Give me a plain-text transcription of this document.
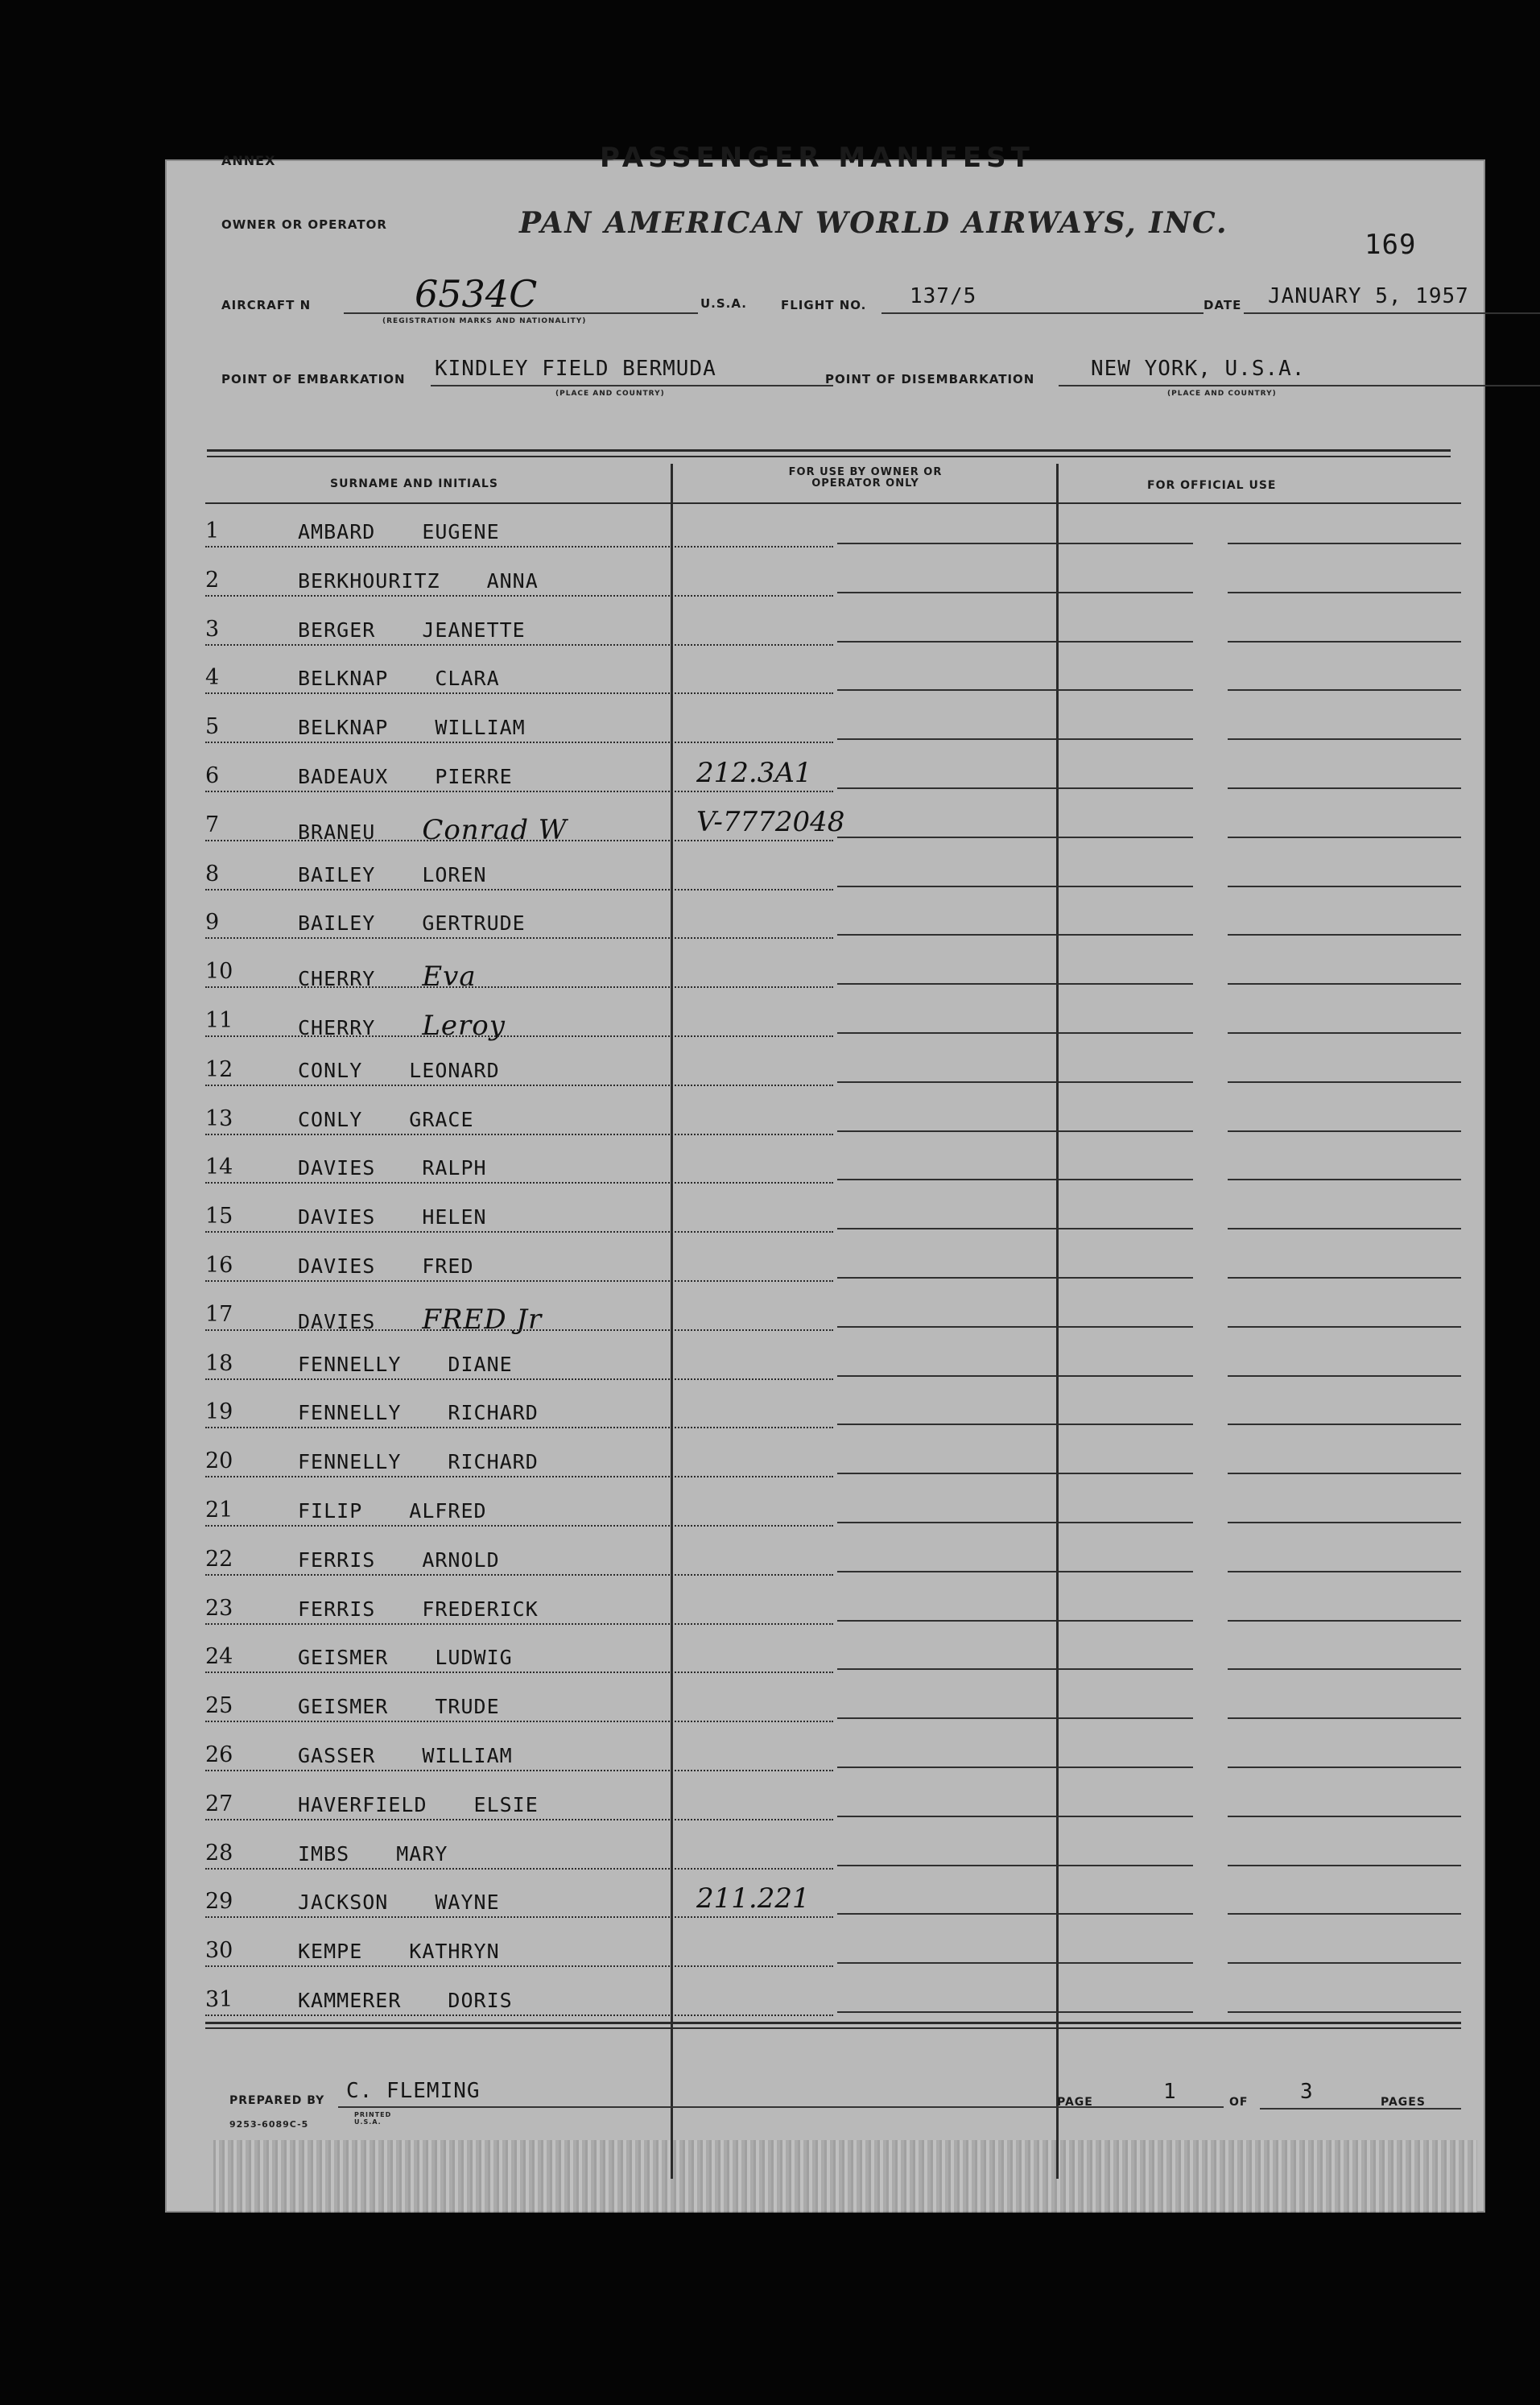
ANNEX	PASSENGER MANIFEST
OWNER OR OPERATOR	PAN AMERICAN WORLD AIRWAYS, INC.
169
AIRCRAFT N	6534C
(REGISTRATION MARKS AND NATIONALITY)
U.S.A.	FLIGHT NO. 137/5	DATE JANUARY 5, 1957
POINT OF EMBARKATION KINDLEY FIELD BERMUDA
(PLACE AND COUNTRY)
POINT OF DISEMBARKATION	NEW YORK, U.S.A.
(PLACE AND COUNTRY)
SURNAME AND INITIALS
FOR USE BY OWNER OR OPERATOR ONLY	FOR OFFICIAL USE
1	AMBARD EUGENE
2	BERKHOURITZ ANNA
3	BERGER JEANETTE
4	BELKNAP CLARA
5	BELKNAP WILLIAM
6	BADEAUX PIERRE	212.3A1
7	BRANEU Conrad W	V-7772048
8	BAILEY LOREN
9	BAILEY GERTRUDE
10	CHERRY Eva
11	CHERRY Leroy
12	CONLY LEONARD
13	CONLY GRACE
14	DAVIES RALPH
15	DAVIES HELEN
16	DAVIES FRED
17	DAVIES FRED Jr
18	FENNELLY DIANE
19	FENNELLY RICHARD
20	FENNELLY RICHARD
21	FILIP ALFRED
22	FERRIS ARNOLD
23	FERRIS FREDERICK
24	GEISMER LUDWIG
25	GEISMER TRUDE
26	GASSER WILLIAM
27	HAVERFIELD ELSIE
28	IMBS MARY
29	JACKSON WAYNE	211.221
30	KEMPE KATHRYN
31	KAMMERER DORIS
PREPARED BY C. FLEMING	PAGE	1	OF 3	PAGES
9253-6089C-5
PRINTED U.S.A.
